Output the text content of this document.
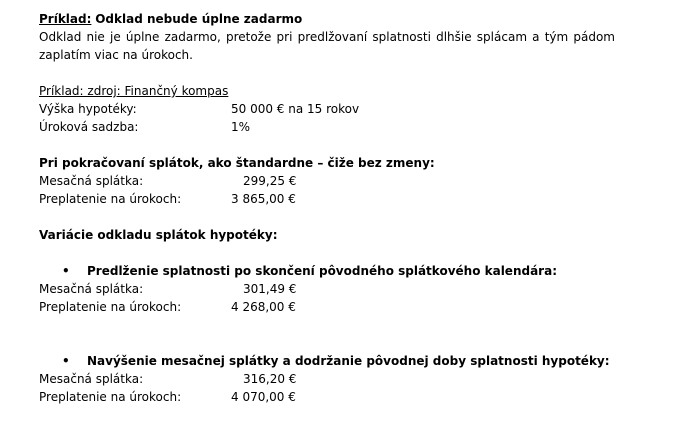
Príklad: Odklad nebude úplne zadarmo
Odklad nie je úplne zadarmo, pretože pri predlžovaní splatnosti dlhšie splácam a tým pádom
zaplatím viac na úrokoch.
Príklad: zdroj: Finančný kompas
Výška hypotéky:	50 000 € na 15 rokov
Úroková sadzba:	1%
Pri pokračovaní splátok, ako štandardne – čiže bez zmeny:
Mesačná splátka:	299,25 €
Preplatenie na úrokoch:	3 865,00 €
Variácie odkladu splátok hypotéky:
• Predlženie splatnosti po skončení pôvodného splátkového kalendára:
Mesačná splátka:	301,49 €
Preplatenie na úrokoch:	4 268,00 €
• Navýšenie mesačnej splátky a dodržanie pôvodnej doby splatnosti hypotéky:
Mesačná splátka:	316,20 €
Preplatenie na úrokoch:	4 070,00 €
